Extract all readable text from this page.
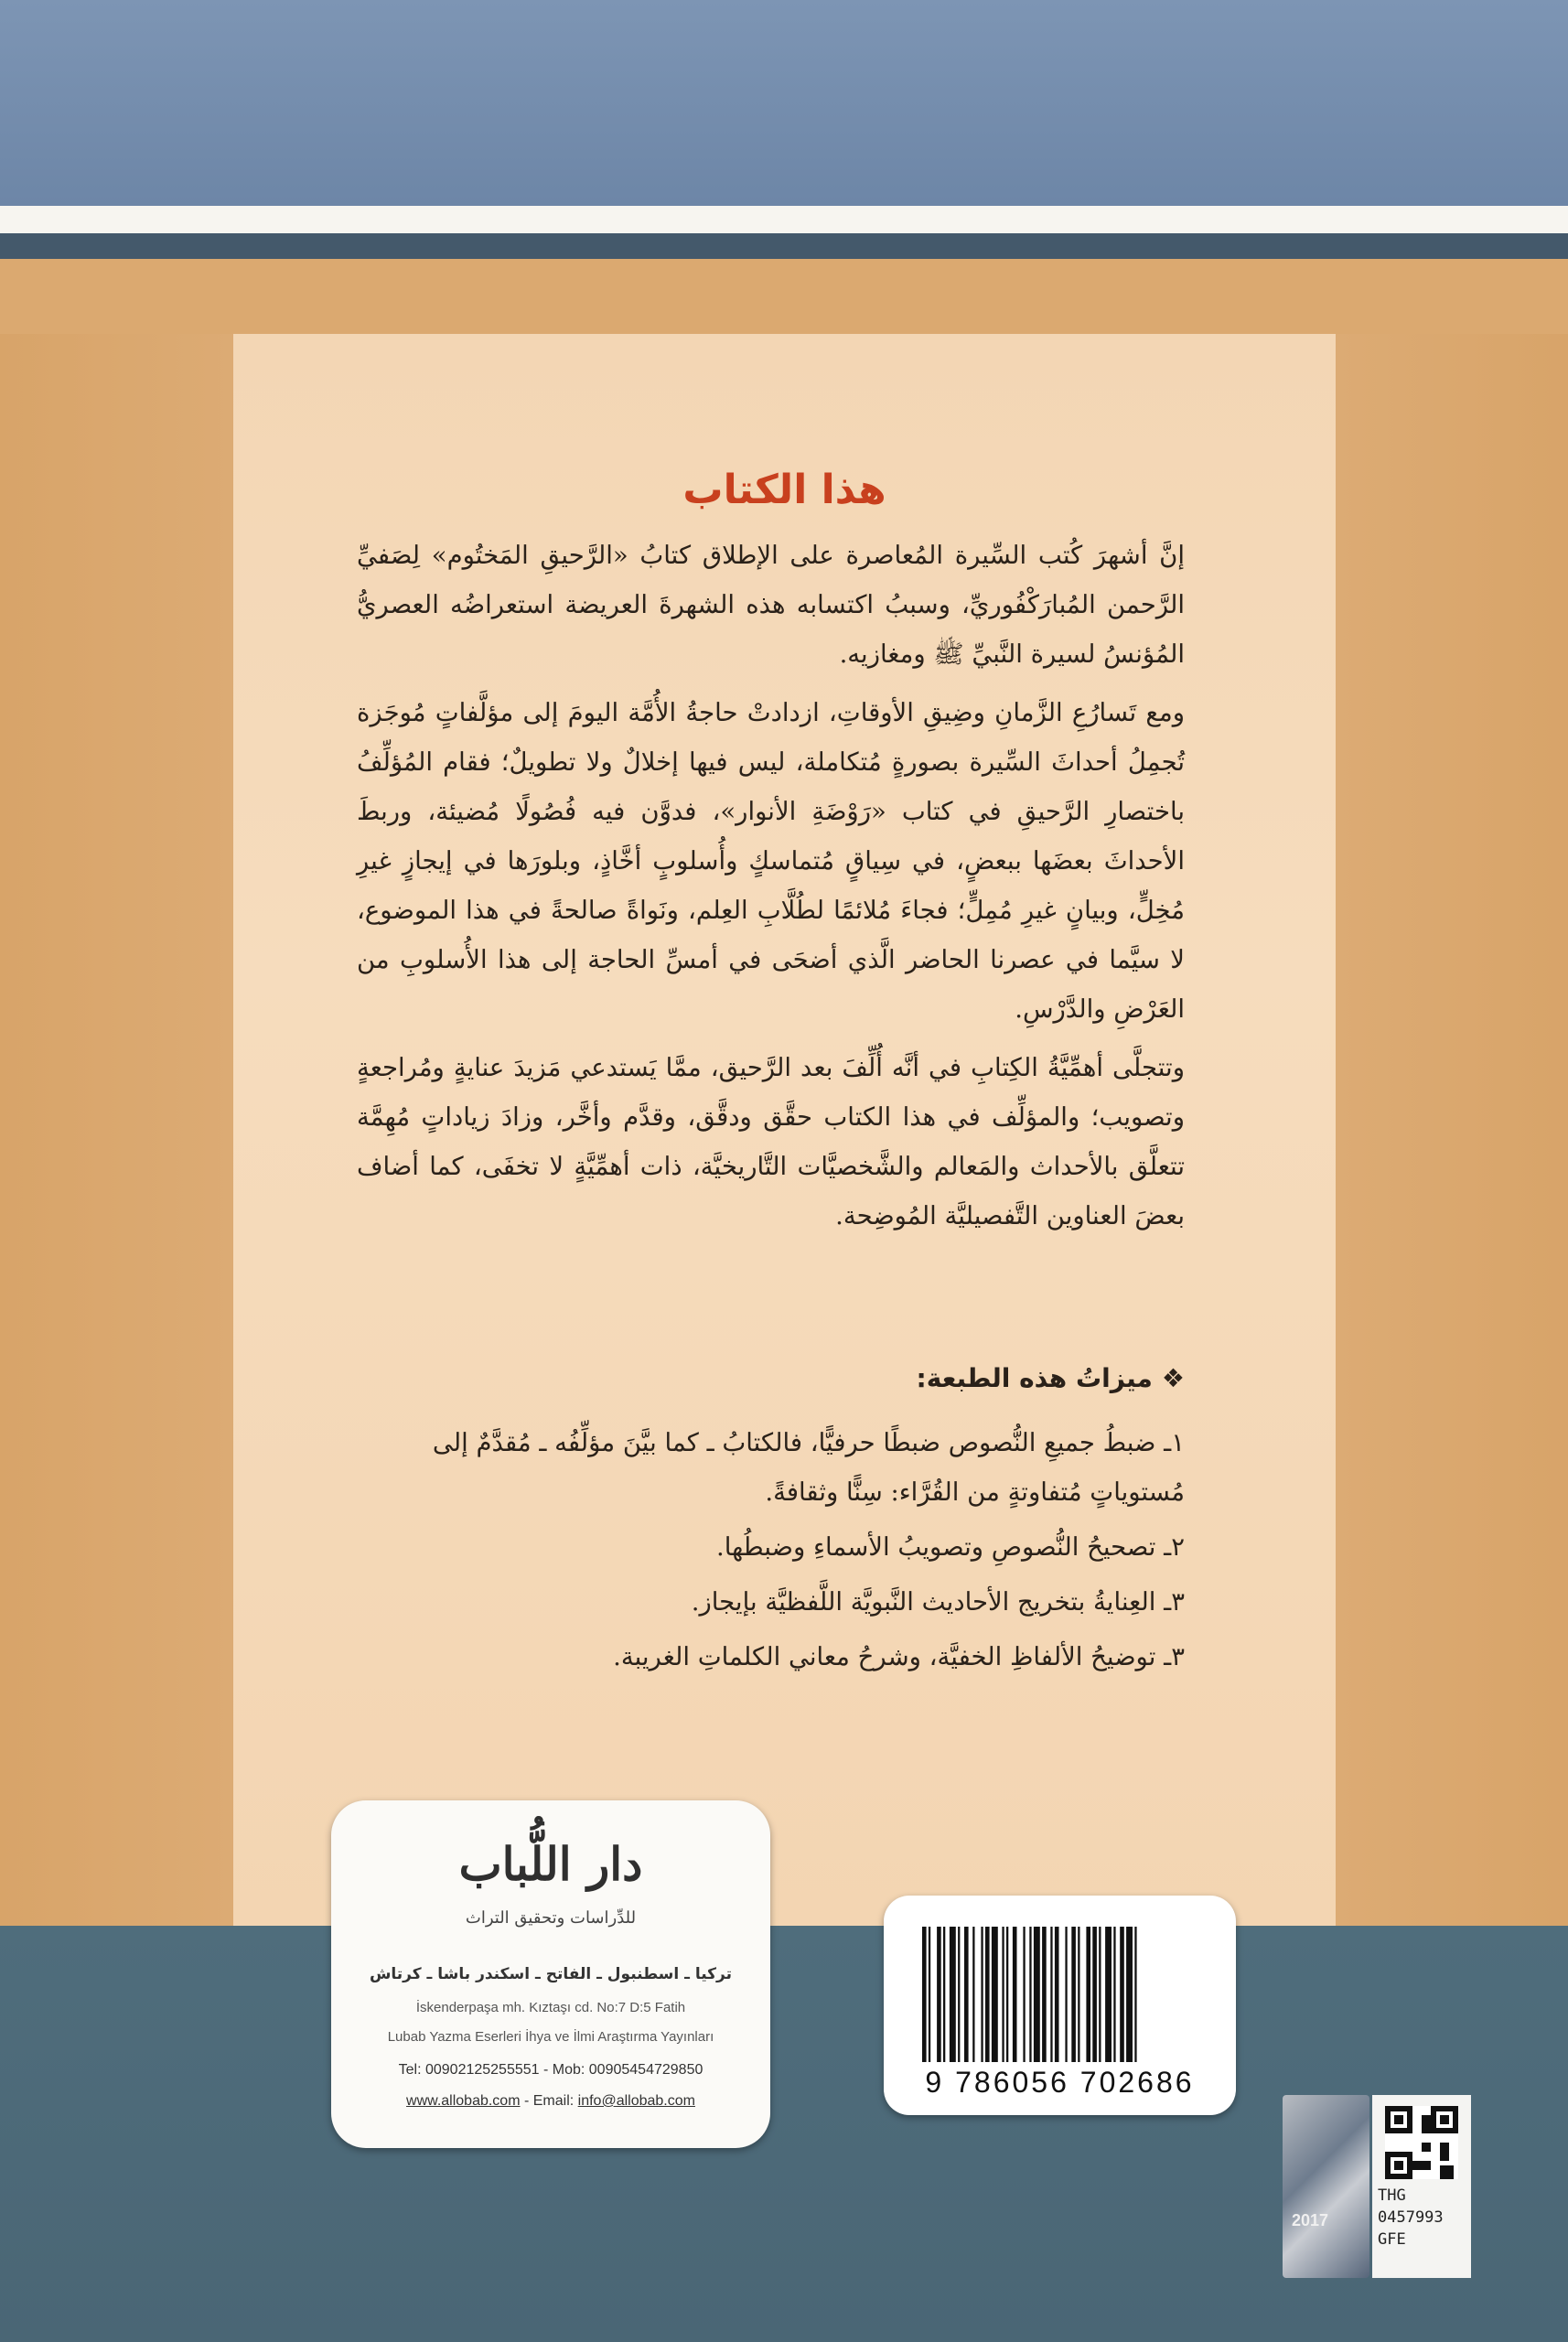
هذا الكتاب

إنَّ أشهرَ كُتب السِّيرة المُعاصرة على الإطلاق كتابُ «الرَّحيقِ المَختُوم» لِصَفيِّ الرَّحمن المُبارَكْفُوريِّ، وسببُ اكتسابه هذه الشهرةَ العريضة استعراضُه العصريُّ المُؤنسُ لسيرة النَّبيِّ ﷺ ومغازيه.

ومع تَسارُعِ الزَّمانِ وضِيقِ الأوقاتِ، ازدادتْ حاجةُ الأُمَّة اليومَ إلى مؤلَّفاتٍ مُوجَزة تُجمِلُ أحداثَ السِّيرة بصورةٍ مُتكاملة، ليس فيها إخلالٌ ولا تطويلٌ؛ فقام المُؤلِّفُ باختصارِ الرَّحيقِ في كتاب «رَوْضَةِ الأنوار»، فدوَّن فيه فُصُولًا مُضيئة، وربطَ الأحداثَ بعضَها ببعضٍ، في سِياقٍ مُتماسكٍ وأُسلوبٍ أخَّاذٍ، وبلورَها في إيجازٍ غيرِ مُخِلٍّ، وبيانٍ غيرِ مُمِلٍّ؛ فجاءَ مُلائمًا لطُلَّابِ العِلم، ونَواةً صالحةً في هذا الموضوع، لا سيَّما في عصرنا الحاضر الَّذي أضحَى في أمسِّ الحاجة إلى هذا الأُسلوبِ من العَرْضِ والدَّرْسِ.

وتتجلَّى أهمِّيَّةُ الكِتابِ في أنَّه أُلِّفَ بعد الرَّحيق، ممَّا يَستدعي مَزيدَ عنايةٍ ومُراجعةٍ وتصويب؛ والمؤلِّف في هذا الكتاب حقَّق ودقَّق، وقدَّم وأخَّر، وزادَ زياداتٍ مُهِمَّة تتعلَّق بالأحداث والمَعالم والشَّخصيَّات التَّاريخيَّة، ذات أهمِّيَّةٍ لا تخفَى، كما أضاف بعضَ العناوين التَّفصيليَّة المُوضِحة.

❖ميزاتُ هذه الطبعة:
١ـ ضبطُ جميعِ النُّصوص ضبطًا حرفيًّا، فالكتابُ ـ كما بيَّنَ مؤلِّفُه ـ مُقدَّمٌ إلى مُستوياتٍ مُتفاوتةٍ من القُرَّاء: سِنًّا وثقافةً.
٢ـ تصحيحُ النُّصوصِ وتصويبُ الأسماءِ وضبطُها.
٣ـ العِنايةُ بتخريج الأحاديث النَّبويَّة اللَّفظيَّة بإيجاز.
٣ـ توضيحُ الألفاظِ الخفيَّة، وشرحُ معاني الكلماتِ الغريبة.
دار اللُّباب
للدِّراسات وتحقيق التراث
تركيا ـ اسطنبول ـ الفاتح ـ اسكندر باشا ـ كرتاش
İskenderpaşa mh. Kıztaşı cd. No:7 D:5 Fatih
Lubab Yazma Eserleri İhya ve İlmi Araştırma Yayınları
Tel: 00902125255551 - Mob: 00905454729850
www.allobab.com - Email: info@allobab.com
9 786056 702686
2017
THG
0457993
GFE
